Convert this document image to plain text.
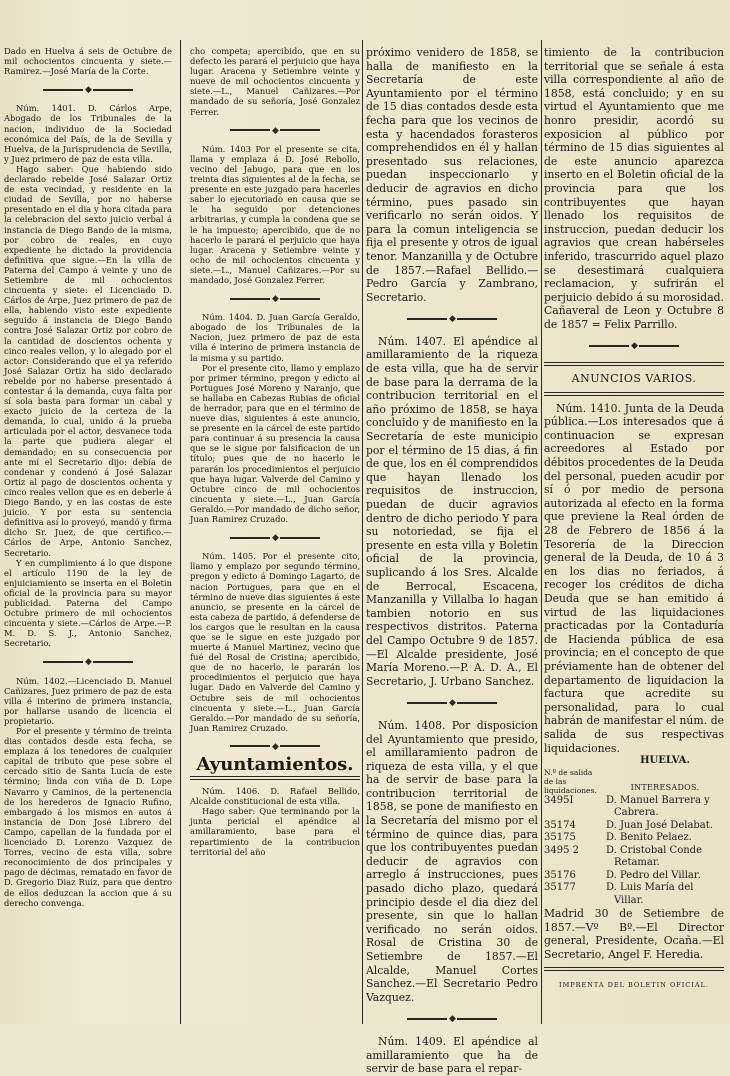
Dado en Huelva á seis de Octubre de mil ochocientos cincuenta y siete.—Ramirez.—José María de la Corte.

◆

Núm. 1401. D. Cárlos Arpe, Abogado de los Tribunales de la nacion, individuo de la Sociedad económica del País, de la de Sevilla y Huelva, de la Jurisprudencia de Sevilla, y Juez primero de paz de esta villa.

Hago saber: Que habiendo sido declarado rebelde José Salazar Ortiz de esta vecindad, y residente en la ciudad de Sevilla, por no haberse presentado en el dia y hora citada para la celebracion del sexto juicio verbal á instancia de Diego Bando de la misma, por cobro de reales, en cuyo expediente he dictado la providencia definitiva que sigue.—En la villa de Paterna del Campo á veinte y uno de Setiembre de mil ochocientos cincuenta y siete: el Licenciado D. Cárlos de Arpe, Juez primero de paz de ella, habiendo visto este expediente seguido á instancia de Diego Bando contra José Salazar Ortiz por cobro de la cantidad de doscientos ochenta y cinco reales vellon, y lo alegado por el actor: Considerando que el ya referido José Salazar Ortiz ha sido declarado rebelde por no haberse presentado á contestar á la demanda, cuya falta por sí sola basta para formar un cabal y exacto juicio de la certeza de la demanda, lo cual, unido á la prueba articulada por el actor, desvanece toda la parte que pudiera alegar el demandado; en su consecuencia por ante mí el Secretario dijo: debía de condenar y condenó á José Salazar Ortiz al pago de doscientos ochenta y cinco reales vellon que es en deberle á Diego Bando, y en las costas de este juicio. Y por esta su sentencia definitiva así lo proveyó, mandó y firma dicho Sr. Juez, de que certifico.—Cárlos de Arpe, Antonio Sanchez, Secretario.

Y en cumplimiento á lo que dispone el artículo 1190 de la ley de enjuiciamiento se inserta en el Boletin oficial de la provincia para su mayor publicidad. Paterna del Campo Octubre primero de mil ochocientos cincuenta y siete.—Cárlos de Arpe.—P. M. D. S. J., Antonio Sanchez, Secretario.

◆

Núm. 1402.—Licenciado D. Manuel Cañizares, Juez primero de paz de esta villa é interino de primera instancia, por hallarse usando de licencia el propietario.

Por el presente y término de treinta dias contados desde esta fecha, se emplaza á los tenedores de cualquier capital de tributo que pese sobre el cercado sitio de Santa Lucía de este término; linda con viña de D. Lope Navarro y Caminos, de la pertenencia de los herederos de Ignacio Rufino, embargado á los mismos en autos á instancia de Don José Librero del Campo, capellan de la fundada por el licenciado D. Lorenzo Vazquez de Torres, vecino de esta villa, sobre reconocimiento de dos principales y pago de décimas, rematado en favor de D. Gregorio Diaz Ruiz, para que dentro de ellos deduzcan la accion que á su derecho convenga.

cho competa; apercibido, que en su defecto les parará el perjuicio que haya lugar. Aracena y Setiembre veinte y nueve de mil ochocientos cincuenta y siete.—L., Manuel Cañizares.—Por mandado de su señoría, José Gonzalez Ferrer.

◆

Núm. 1403 Por el presente se cita, llama y emplaza á D. José Rebollo, vecino del Jabugo, para que en los treinta dias siguientes al de la fecha, se presente en este juzgado para hacerles saber lo ejecutoriado en causa que se le ha seguido por detenciones arbitrarias, y cumpla la condena que se le ha impuesto; apercibido, que de no hacerlo le parará el perjuicio que haya lugar. Aracena y Setiembre veinte y ocho de mil ochocientos cincuenta y siete.—L., Manuel Cañizares.—Por su mandado, José Gonzalez Ferrer.

◆

Núm. 1404. D. Juan García Geraldo, abogado de los Tribunales de la Nacion, juez primero de paz de esta villa é interino de primera instancia de la misma y su partido.

Por el presente cito, llamo y emplazo por primer término, pregon y edicto al Portugues José Moreno y Naranjo, que se hallaba en Cabezas Rubias de oficial de herrador, para que en el término de nueve dias, siguientes á este anuncio, se presente en la cárcel de este partido para continuar á su presencia la causa que se le sigue por falsificacion de un título; pues que de no hacerlo le pararán los procedimientos el perjuicio que haya lugar. Valverde del Camino y Octubre cinco de mil ochocientos cincuenta y siete.—L., Juan García Geraldo.—Por mandado de dicho señor, Juan Ramirez Cruzado.

◆

Núm. 1405. Por el presente cito, llamo y emplazo por segundo término, pregon y edicto á Domingo Lagarto, de nacion Portugues, para que en el término de nueve dias siguientes á este anuncio, se presente en la cárcel de esta cabeza de partido, á defenderse de los cargos que le resultan en la causa que se le sigue en este juzgado por muerte á Manuel Martinez, vecino que fué del Rosal de Cristina; apercibido, que de no hacerlo, le pararán los procedimientos el perjuicio que haya lugar. Dado en Valverde del Camino y Octubre seis de mil ochocientos cincuenta y siete.—L., Juan García Geraldo.—Por mandado de su señoría, Juan Ramirez Cruzado.

◆
Ayuntamientos.

Núm. 1406. D. Rafael Bellido, Alcalde constitucional de esta villa.

Hago saber: Que terminando por la junta pericial el apéndice al amillaramiento, base para el repartimiento de la contribucion territorial del año

próximo venidero de 1858, se halla de manifiesto en la Secretaría de este Ayuntamiento por el término de 15 dias contados desde esta fecha para que los vecinos de esta y hacendados forasteros comprehendidos en él y hallan presentado sus relaciones, puedan inspeccionarlo y deducir de agravios en dicho término, pues pasado sin verificarlo no serán oidos. Y para la comun inteligencia se fija el presente y otros de igual tenor. Manzanilla y de Octubre de 1857.—Rafael Bellido.—Pedro García y Zambrano, Secretario.

◆

Núm. 1407. El apéndice al amillaramiento de la riqueza de esta villa, que ha de servir de base para la derrama de la contribucion territorial en el año próximo de 1858, se haya concluido y de manifiesto en la Secretaría de este municipio por el término de 15 dias, á fin de que, los en él comprendidos que hayan llenado los requisitos de instruccion, puedan de ducir agravios dentro de dicho periodo Y para su notoriedad, se fija el presente en esta villa y Boletin oficial de la provincia, suplicando á los Sres. Alcalde de Berrocal, Escacena, Manzanilla y Villalba lo hagan tambien notorio en sus respectivos distritos. Paterna del Campo Octubre 9 de 1857.—El Alcalde presidente, José María Moreno.—P. A. D. A., El Secretario, J. Urbano Sanchez.

◆

Núm. 1408. Por disposicion del Ayuntamiento que presido, el amillaramiento padron de riqueza de esta villa, y el que ha de servir de base para la contribucion territorial de 1858, se pone de manifiesto en la Secretaría del mismo por el término de quince dias, para que los contribuyentes puedan deducir de agravios con arreglo á instrucciones, pues pasado dicho plazo, quedará principio desde el dia diez del presente, sin que lo hallan verificado no serán oidos. Rosal de Cristina 30 de Setiembre de 1857.—El Alcalde, Manuel Cortes Sanchez.—El Secretario Pedro Vazquez.

◆

Núm. 1409. El apéndice al amillaramiento que ha de servir de base para el repar-

timiento de la contribucion territorial que se señale á esta villa correspondiente al año de 1858, está concluido; y en su virtud el Ayuntamiento que me honro presidir, acordó su exposicion al público por término de 15 dias siguientes al de este anuncio aparezca inserto en el Boletin oficial de la provincia para que los contribuyentes que hayan llenado los requisitos de instruccion, puedan deducir los agravios que crean habérseles inferido, trascurrido aquel plazo se desestimará cualquiera reclamacion, y sufrirán el perjuicio debido á su morosidad. Cañaveral de Leon y Octubre 8 de 1857 = Felix Parrillo.

◆
ANUNCIOS VARIOS.

Núm. 1410. Junta de la Deuda pública.—Los interesados que á continuacion se expresan acreedores al Estado por débitos procedentes de la Deuda del personal, pueden acudir por sí ó por medio de persona autorizada al efecto en la forma que previene la Real órden de 28 de Febrero de 1856 á la Tesorería de la Direccion general de la Deuda, de 10 á 3 en los dias no feriados, á recoger los créditos de dicha Deuda que se han emitido á virtud de las liquidaciones practicadas por la Contaduría de Hacienda pública de esa provincia; en el concepto de que préviamente han de obtener del departamento de liquidacion la factura que acredite su personalidad, para lo cual habrán de manifestar el núm. de salida de sus respectivas liquidaciones.

HUELVA.
N.º de salida de las liquidaciones.	INTERESADOS.
3495I	D. Manuel Barrera y Cabrera.
35174	D. Juan José Delabat.
35175	D. Benito Pelaez.
3495 2	D. Cristobal Conde Retamar.
35176	D. Pedro del Villar.
35177	D. Luis María del Villar.

Madrid 30 de Setiembre de 1857.—Vº Bº.—El Director general, Presidente, Ocaña.—El Secretario, Angel F. Heredia.

IMPRENTA DEL BOLETIN OFICIAL.
